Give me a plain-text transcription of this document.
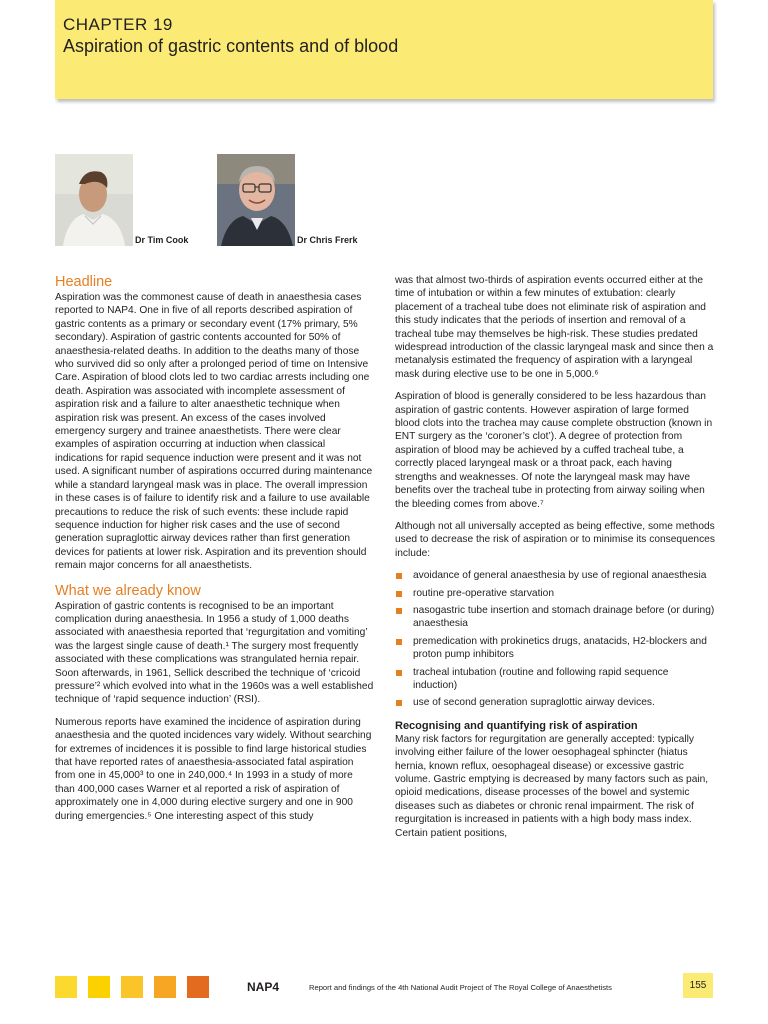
CHAPTER 19
Aspiration of gastric contents and of blood
Dr Tim Cook	Dr Chris Frerk
Headline
Aspiration was the commonest cause of death in anaesthesia cases reported to NAP4. One in five of all reports described aspiration of gastric contents as a primary or secondary event (17% primary, 5% secondary). Aspiration of gastric contents accounted for 50% of anaesthesia-related deaths. In addition to the deaths many of those who survived did so only after a prolonged period of time on Intensive Care. Aspiration of blood clots led to two cardiac arrests including one death. Aspiration was associated with incomplete assessment of aspiration risk and a failure to alter anaesthetic technique when aspiration risk was present. An excess of the cases involved emergency surgery and trainee anaesthetists. There were clear examples of aspiration occurring at induction when classical indications for rapid sequence induction were present and it was not used. A significant number of aspirations occurred during maintenance while a standard laryngeal mask was in place. The overall impression in these cases is of failure to identify risk and a failure to use available precautions to reduce the risk of such events: these include rapid sequence induction for higher risk cases and the use of second generation supraglottic airway devices rather than first generation devices for patients at lower risk. Aspiration and its prevention should remain major concerns for all anaesthetists.
What we already know
Aspiration of gastric contents is recognised to be an important complication during anaesthesia. In 1956 a study of 1,000 deaths associated with anaesthesia reported that ‘regurgitation and vomiting’ was the largest single cause of death.¹ The surgery most frequently associated with these complications was strangulated hernia repair. Soon afterwards, in 1961, Sellick described the technique of ‘cricoid pressure’² which evolved into what in the 1960s was a well established technique of ‘rapid sequence induction’ (RSI).
Numerous reports have examined the incidence of aspiration during anaesthesia and the quoted incidences vary widely. Without searching for extremes of incidences it is possible to find large historical studies that have reported rates of anaesthesia-associated fatal aspiration from one in 45,000³ to one in 240,000.⁴ In 1993 in a study of more than 400,000 cases Warner et al reported a risk of aspiration of approximately one in 4,000 during elective surgery and one in 900 during emergencies.⁵ One interesting aspect of this study
was that almost two-thirds of aspiration events occurred either at the time of intubation or within a few minutes of extubation: clearly placement of a tracheal tube does not eliminate risk of aspiration and this study indicates that the periods of insertion and removal of a tracheal tube may themselves be high-risk. These studies predated widespread introduction of the classic laryngeal mask and since then a metanalysis estimated the frequency of aspiration with a laryngeal mask during elective use to be one in 5,000.⁶
Aspiration of blood is generally considered to be less hazardous than aspiration of gastric contents. However aspiration of large formed blood clots into the trachea may cause complete obstruction (known in ENT surgery as the ‘coroner’s clot’). A degree of protection from aspiration of blood may be achieved by a cuffed tracheal tube, a correctly placed laryngeal mask or a throat pack, each having strengths and weaknesses. Of note the laryngeal mask may have benefits over the tracheal tube in protecting from airway soiling when the bleeding comes from above.⁷
Although not all universally accepted as being effective, some methods used to decrease the risk of aspiration or to minimise its consequences include:
avoidance of general anaesthesia by use of regional anaesthesia
routine pre-operative starvation
nasogastric tube insertion and stomach drainage before (or during) anaesthesia
premedication with prokinetics drugs, anatacids, H2-blockers and proton pump inhibitors
tracheal intubation (routine and following rapid sequence induction)
use of second generation supraglottic airway devices.
Recognising and quantifying risk of aspiration
Many risk factors for regurgitation are generally accepted: typically involving either failure of the lower oesophageal sphincter (hiatus hernia, known reflux, oesophageal disease) or excessive gastric volume. Gastric emptying is decreased by many factors such as pain, opioid medications, disease processes of the bowel and systemic diseases such as diabetes or chronic renal impairment. The risk of regurgitation is increased in patients with a high body mass index. Certain patient positions,
NAP4	Report and findings of the 4th National Audit Project of The Royal College of Anaesthetists	155
